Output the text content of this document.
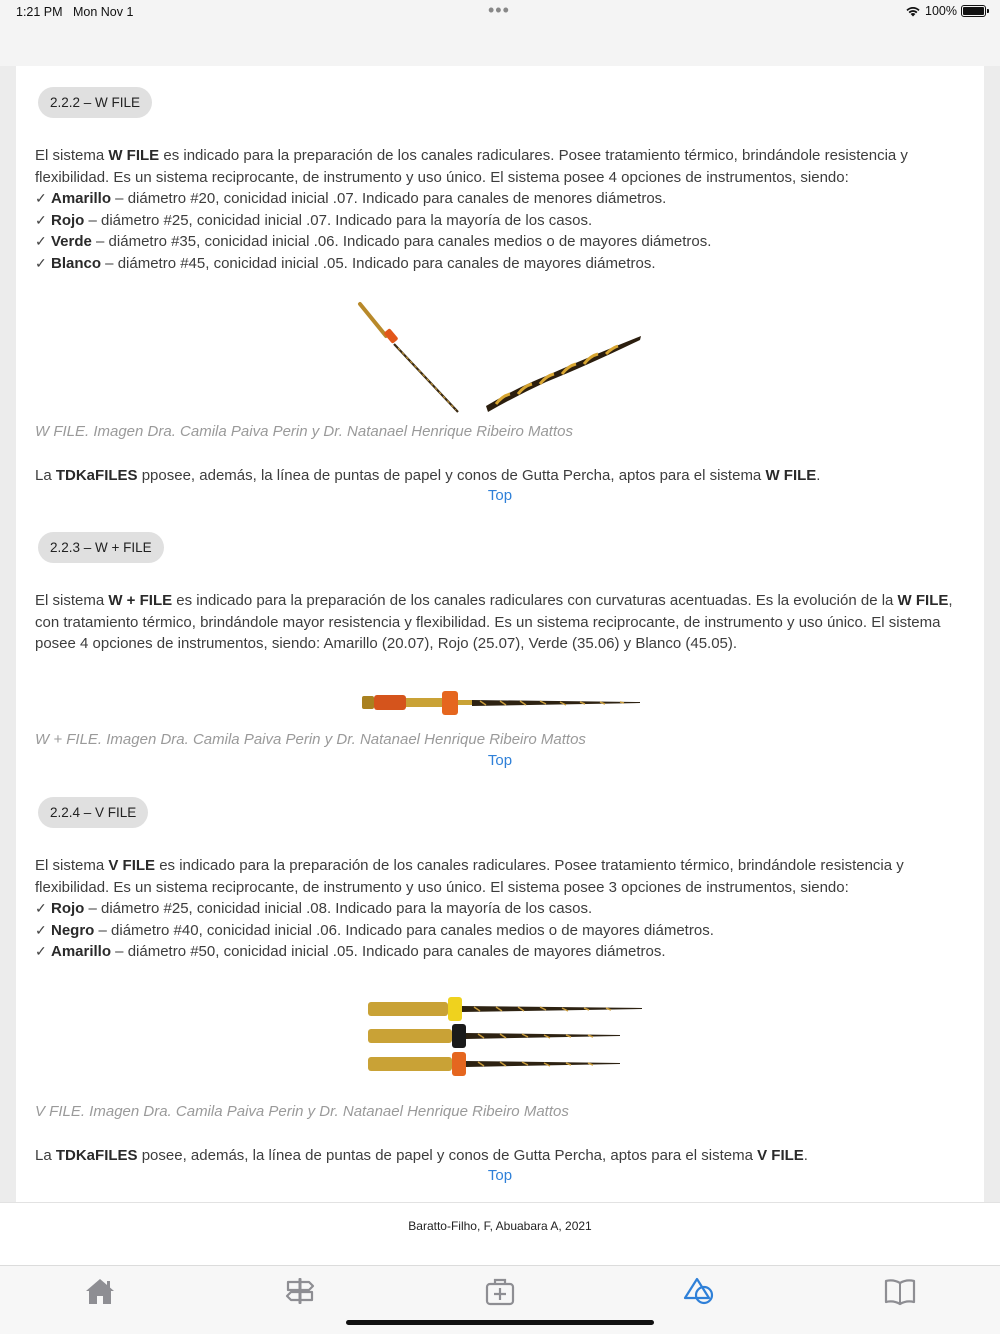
1:21 PM Mon Nov 1	•••	100%
2.2.2 – W FILE
El sistema W FILE es indicado para la preparación de los canales radiculares. Posee tratamiento térmico, brindándole resistencia y flexibilidad. Es un sistema reciprocante, de instrumento y uso único. El sistema posee 4 opciones de instrumentos, siendo:
✓ Amarillo – diámetro #20, conicidad inicial .07. Indicado para canales de menores diámetros.
✓ Rojo – diámetro #25, conicidad inicial .07. Indicado para la mayoría de los casos.
✓ Verde – diámetro #35, conicidad inicial .06. Indicado para canales medios o de mayores diámetros.
✓ Blanco – diámetro #45, conicidad inicial .05. Indicado para canales de mayores diámetros.
W FILE. Imagen Dra. Camila Paiva Perin y Dr. Natanael Henrique Ribeiro Mattos
La TDKaFILES pposee, además, la línea de puntas de papel y conos de Gutta Percha, aptos para el sistema W FILE.
Top
2.2.3 – W + FILE
El sistema W + FILE es indicado para la preparación de los canales radiculares con curvaturas acentuadas. Es la evolución de la W FILE, con tratamiento térmico, brindándole mayor resistencia y flexibilidad. Es un sistema reciprocante, de instrumento y uso único. El sistema posee 4 opciones de instrumentos, siendo: Amarillo (20.07), Rojo (25.07), Verde (35.06) y Blanco (45.05).
W + FILE. Imagen Dra. Camila Paiva Perin y Dr. Natanael Henrique Ribeiro Mattos
Top
2.2.4 – V FILE
El sistema V FILE es indicado para la preparación de los canales radiculares. Posee tratamiento térmico, brindándole resistencia y flexibilidad. Es un sistema reciprocante, de instrumento y uso único. El sistema posee 3 opciones de instrumentos, siendo:
✓ Rojo – diámetro #25, conicidad inicial .08. Indicado para la mayoría de los casos.
✓ Negro – diámetro #40, conicidad inicial .06. Indicado para canales medios o de mayores diámetros.
✓ Amarillo – diámetro #50, conicidad inicial .05. Indicado para canales de mayores diámetros.
V FILE. Imagen Dra. Camila Paiva Perin y Dr. Natanael Henrique Ribeiro Mattos
La TDKaFILES posee, además, la línea de puntas de papel y conos de Gutta Percha, aptos para el sistema V FILE.
Top
Baratto-Filho, F, Abuabara A, 2021
